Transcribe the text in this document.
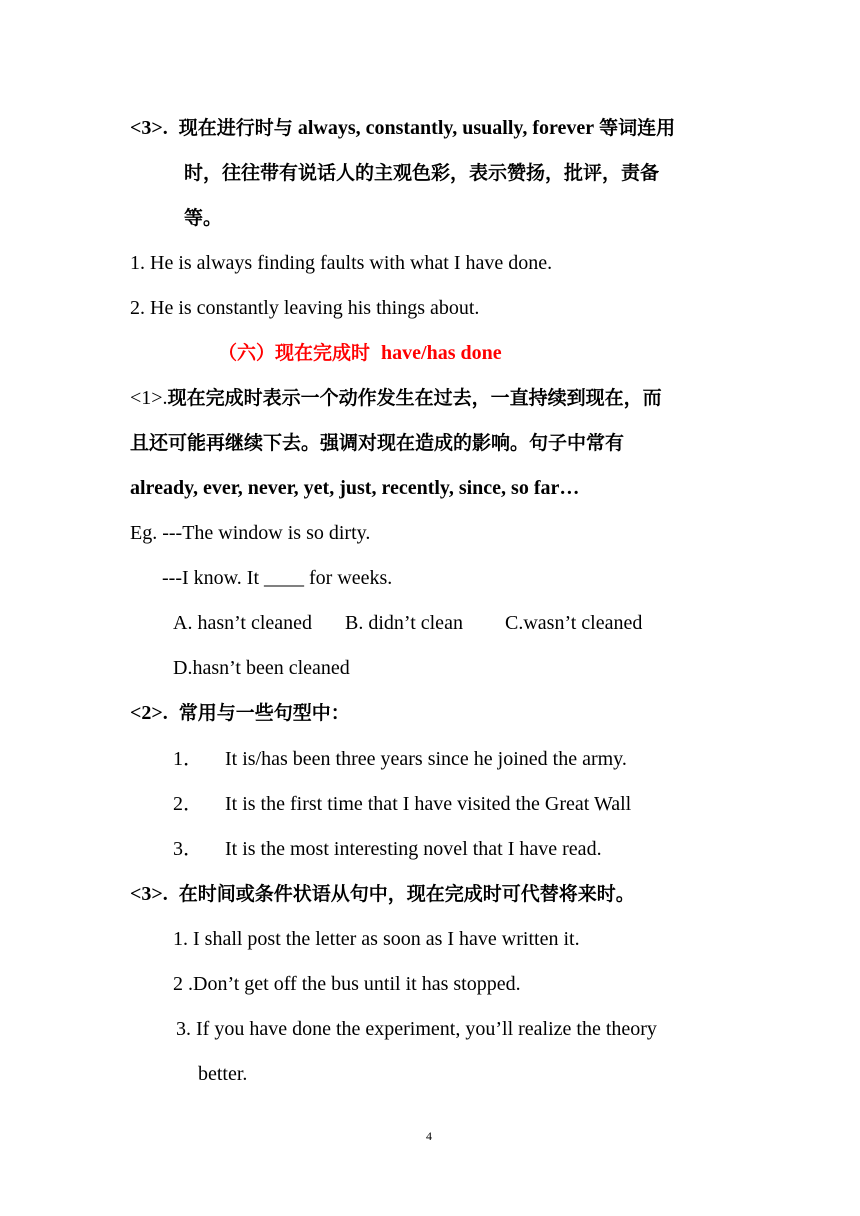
<3>. 现在进行时与 always, constantly, usually, forever 等词连用
时，往往带有说话人的主观色彩，表示赞扬，批评，责备
等。
1. He is always finding faults with what I have done.
2. He is constantly leaving his things about.
（六）现在完成时 have/has done
<1>.现在完成时表示一个动作发生在过去，一直持续到现在，而
且还可能再继续下去。强调对现在造成的影响。句子中常有
already, ever, never, yet, just, recently, since, so far…
Eg. ---The window is so dirty.
---I know. It ____ for weeks.
A. hasn’t cleaned B. didn’t clean C.wasn’t cleaned
D.hasn’t been cleaned
<2>. 常用与一些句型中：
1． It is/has been three years since he joined the army.
2． It is the first time that I have visited the Great Wall
3． It is the most interesting novel that I have read.
<3>. 在时间或条件状语从句中，现在完成时可代替将来时。
1. I shall post the letter as soon as I have written it.
2 .Don’t get off the bus until it has stopped.
3. If you have done the experiment, you’ll realize the theory
better.
4
